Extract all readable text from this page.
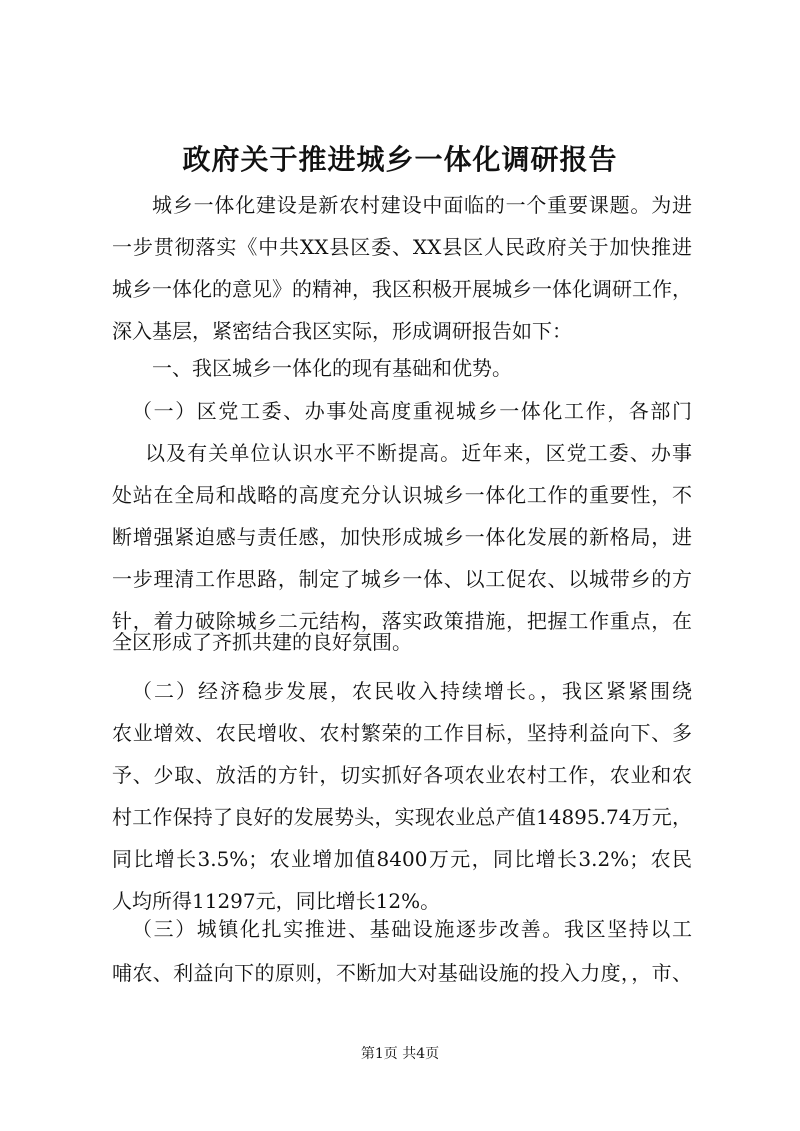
政府关于推进城乡一体化调研报告
城乡一体化建设是新农村建设中面临的一个重要课题。为进
一步贯彻落实《中共XX县区委、XX县区人民政府关于加快推进
城乡一体化的意见》的精神，我区积极开展城乡一体化调研工作，
深入基层，紧密结合我区实际，形成调研报告如下：
一、我区城乡一体化的现有基础和优势。
（一）区党工委、办事处高度重视城乡一体化工作，各部门
以及有关单位认识水平不断提高。近年来，区党工委、办事
处站在全局和战略的高度充分认识城乡一体化工作的重要性，不
断增强紧迫感与责任感，加快形成城乡一体化发展的新格局，进
一步理清工作思路，制定了城乡一体、以工促农、以城带乡的方
针，着力破除城乡二元结构，落实政策措施，把握工作重点，在
全区形成了齐抓共建的良好氛围。
（二）经济稳步发展，农民收入持续增长。，我区紧紧围绕
农业增效、农民增收、农村繁荣的工作目标，坚持利益向下、多
予、少取、放活的方针，切实抓好各项农业农村工作，农业和农
村工作保持了良好的发展势头，实现农业总产值14895.74万元，
同比增长3.5%；农业增加值8400万元，同比增长3.2%；农民
人均所得11297元，同比增长12%。
（三）城镇化扎实推进、基础设施逐步改善。我区坚持以工
哺农、利益向下的原则，不断加大对基础设施的投入力度，，市、
第1页 共4页
